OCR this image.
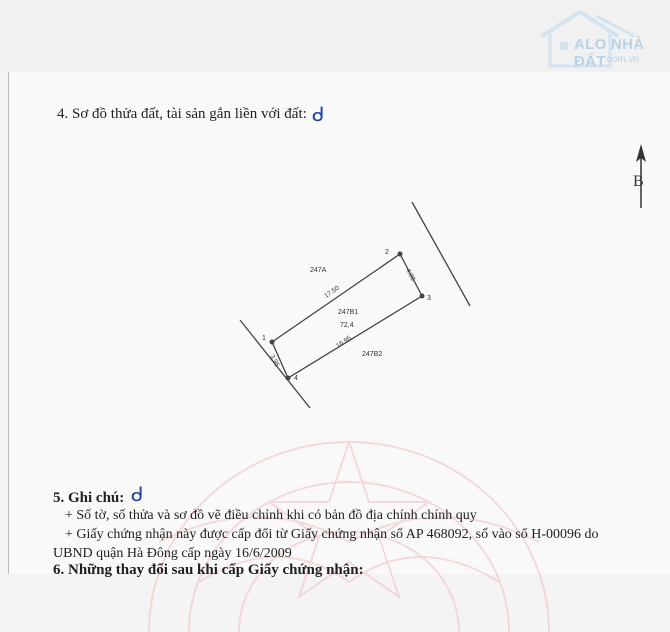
ALO NHÀ ĐẤT
.com.vn
4. Sơ đồ thửa đất, tài sản gắn liền với đất: ᑯ
5. Ghi chú: ᑯ
+ Số tờ, số thửa và sơ đồ vẽ điều chỉnh khi có bản đồ địa chính chính quy
+ Giấy chứng nhận này được cấp đổi từ Giấy chứng nhận số AP 468092, số vào sổ H-00096 do
UBND quận Hà Đông cấp ngày 16/6/2009
6. Những thay đổi sau khi cấp Giấy chứng nhận:
B
1
2
3
4
247A
247B1
72,4
247B2
17.50
4.08
16.95
3.95
